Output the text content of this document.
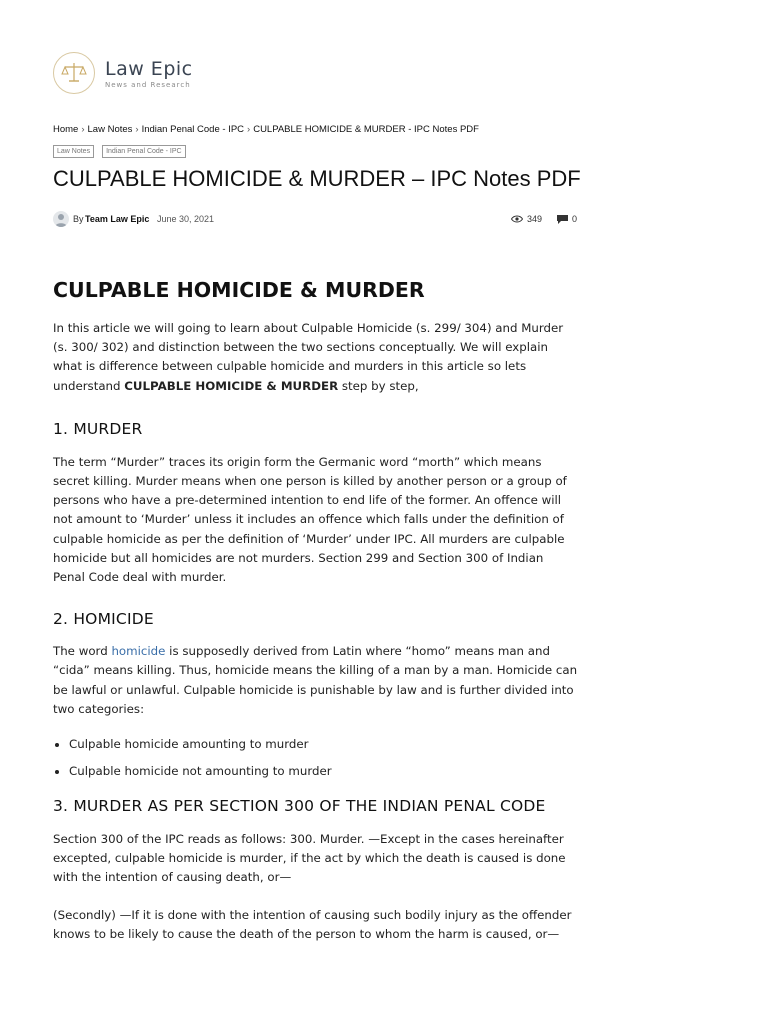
Law Epic
News and Research
Home › Law Notes › Indian Penal Code - IPC › CULPABLE HOMICIDE & MURDER - IPC Notes PDF
Law Notes	Indian Penal Code - IPC
CULPABLE HOMICIDE & MURDER – IPC Notes PDF
By Team Law Epic June 30, 2021	349	0
CULPABLE HOMICIDE & MURDER

In this article we will going to learn about Culpable Homicide (s. 299/ 304) and Murder (s. 300/ 302) and distinction between the two sections conceptually. We will explain what is difference between culpable homicide and murders in this article so lets understand CULPABLE HOMICIDE & MURDER step by step,

1. MURDER

The term “Murder” traces its origin form the Germanic word “morth” which means secret killing. Murder means when one person is killed by another person or a group of persons who have a pre-determined intention to end life of the former. An offence will not amount to ‘Murder’ unless it includes an offence which falls under the definition of culpable homicide as per the definition of ‘Murder’ under IPC. All murders are culpable homicide but all homicides are not murders. Section 299 and Section 300 of Indian Penal Code deal with murder.

2. HOMICIDE

The word homicide is supposedly derived from Latin where “homo” means man and “cida” means killing. Thus, homicide means the killing of a man by a man. Homicide can be lawful or unlawful. Culpable homicide is punishable by law and is further divided into two categories:

• Culpable homicide amounting to murder
• Culpable homicide not amounting to murder
3. MURDER AS PER SECTION 300 OF THE INDIAN PENAL CODE

Section 300 of the IPC reads as follows: 300. Murder. —Except in the cases hereinafter excepted, culpable homicide is murder, if the act by which the death is caused is done with the intention of causing death, or—

(Secondly) —If it is done with the intention of causing such bodily injury as the offender knows to be likely to cause the death of the person to whom the harm is caused, or—
